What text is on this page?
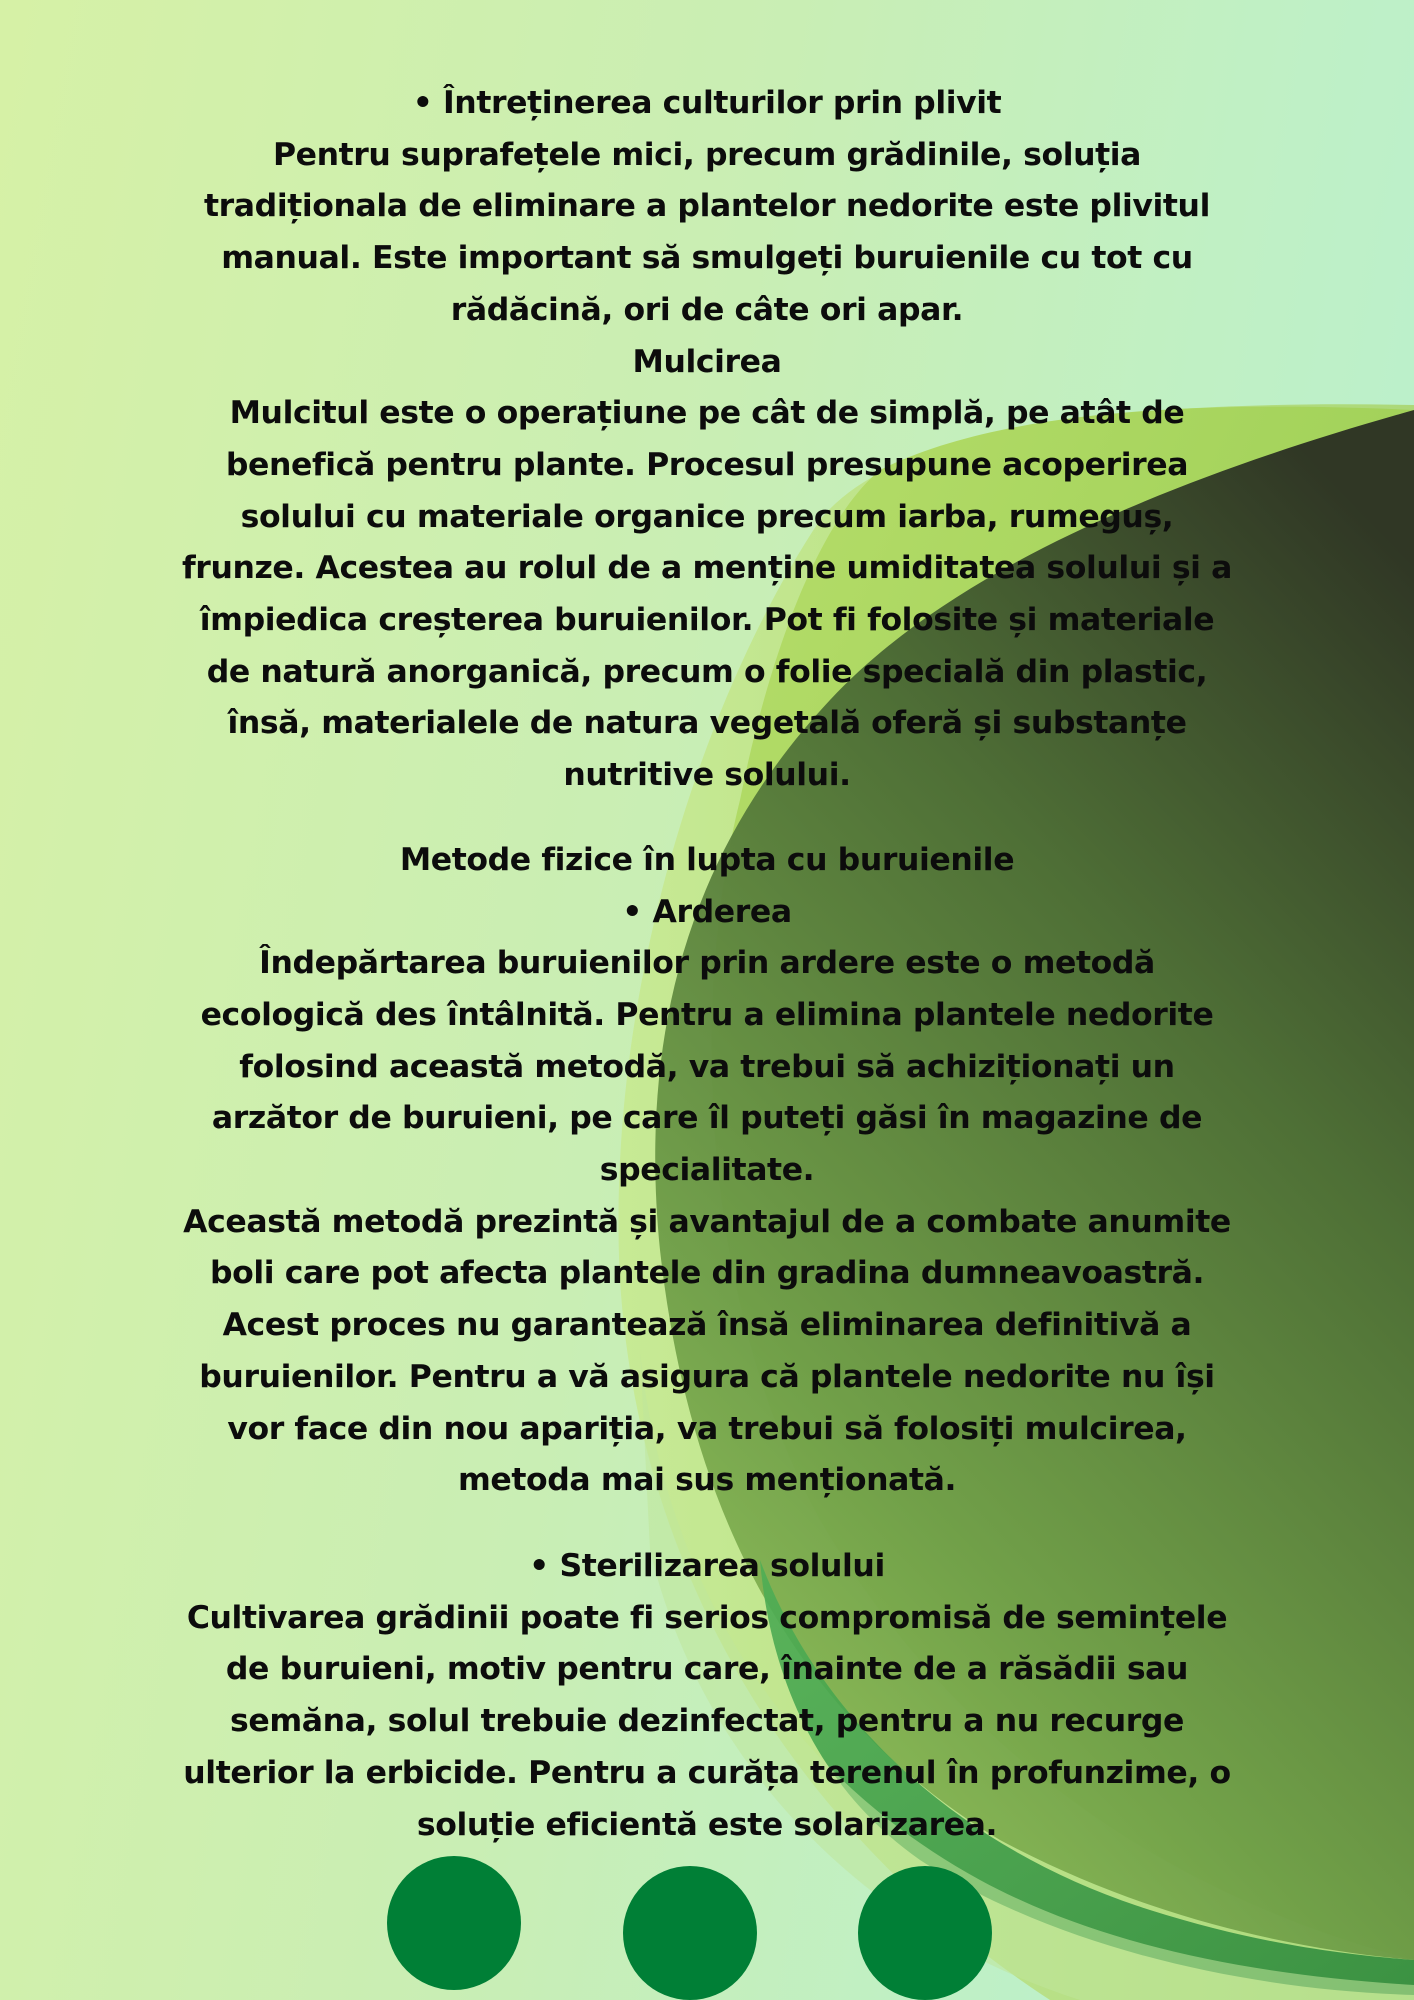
• Întreținerea culturilor prin plivit

Pentru suprafețele mici, precum grădinile, soluția

tradiționala de eliminare a plantelor nedorite este plivitul

manual. Este important să smulgeți buruienile cu tot cu

rădăcină, ori de câte ori apar.

Mulcirea

Mulcitul este o operațiune pe cât de simplă, pe atât de

benefică pentru plante. Procesul presupune acoperirea

solului cu materiale organice precum iarba, rumeguș,

frunze. Acestea au rolul de a menține umiditatea solului și a

împiedica creșterea buruienilor. Pot fi folosite și materiale

de natură anorganică, precum o folie specială din plastic,

însă, materialele de natura vegetală oferă și substanțe

nutritive solului.

Metode fizice în lupta cu buruienile

• Arderea

Îndepărtarea buruienilor prin ardere este o metodă

ecologică des întâlnită. Pentru a elimina plantele nedorite

folosind această metodă, va trebui să achiziționați un

arzător de buruieni, pe care îl puteți găsi în magazine de

specialitate.

Această metodă prezintă și avantajul de a combate anumite

boli care pot afecta plantele din gradina dumneavoastră.

Acest proces nu garantează însă eliminarea definitivă a

buruienilor. Pentru a vă asigura că plantele nedorite nu își

vor face din nou apariția, va trebui să folosiți mulcirea,

metoda mai sus menționată.

• Sterilizarea solului

Cultivarea grădinii poate fi serios compromisă de semințele

de buruieni, motiv pentru care, înainte de a răsădii sau

semăna, solul trebuie dezinfectat, pentru a nu recurge

ulterior la erbicide. Pentru a curăța terenul în profunzime, o

soluție eficientă este solarizarea.
